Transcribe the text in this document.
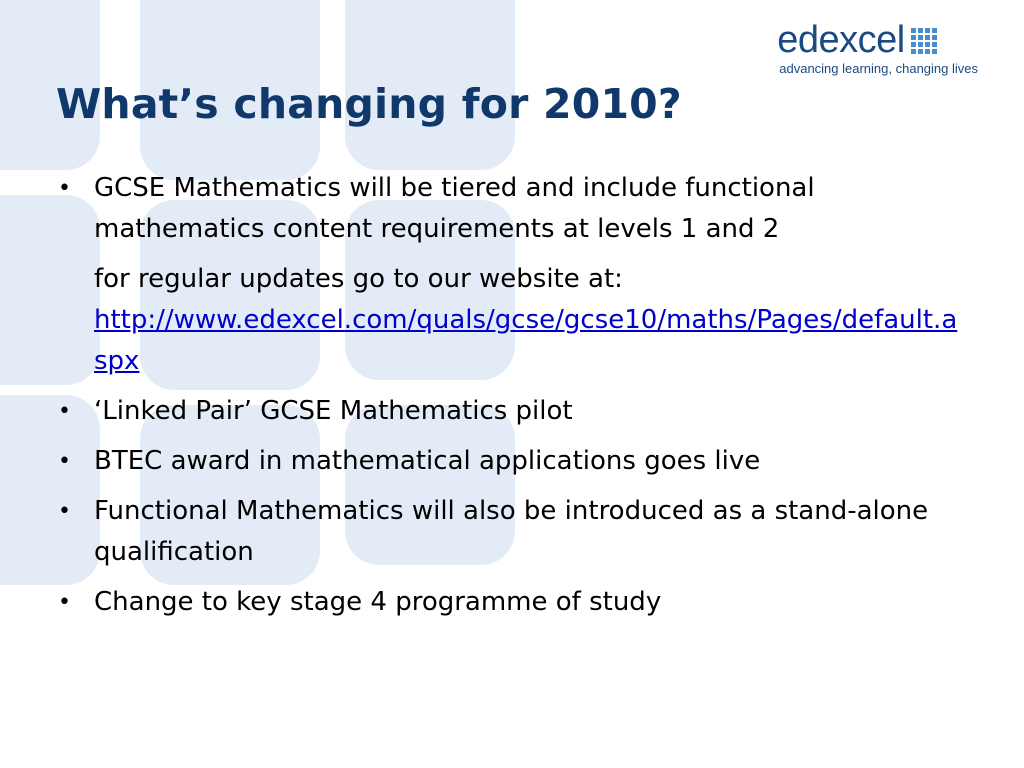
edexcel
advancing learning, changing lives
What’s changing for 2010?
• GCSE Mathematics will be tiered and include functional mathematics content requirements at levels 1 and 2
for regular updates go to our website at:
http://www.edexcel.com/quals/gcse/gcse10/maths/Pages/default.aspx
• ‘Linked Pair’ GCSE Mathematics pilot
• BTEC award in mathematical applications goes live
• Functional Mathematics will also be introduced as a stand-alone qualification
• Change to key stage 4 programme of study
